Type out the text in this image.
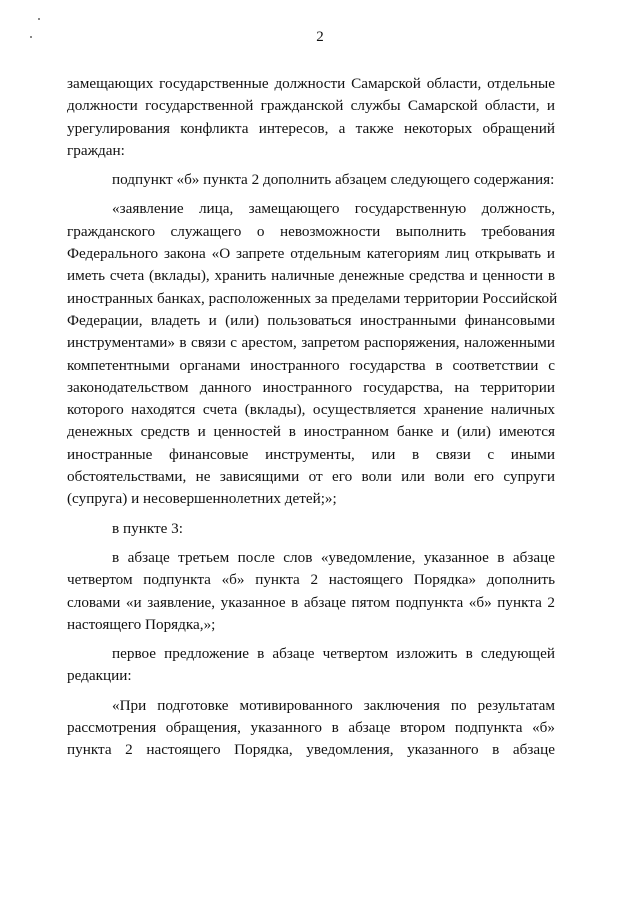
2
замещающих государственные должности Самарской области, отдельные
должности государственной гражданской службы Самарской области, и
урегулирования конфликта интересов, а также некоторых обращений
граждан:
подпункт «б» пункта 2 дополнить абзацем следующего содержания:
«заявление лица, замещающего государственную должность,
гражданского служащего о невозможности выполнить требования
Федерального закона «О запрете отдельным категориям лиц открывать и
иметь счета (вклады), хранить наличные денежные средства и ценности в
иностранных банках, расположенных за пределами территории Российской
Федерации, владеть и (или) пользоваться иностранными финансовыми
инструментами» в связи с арестом, запретом распоряжения, наложенными
компетентными органами иностранного государства в соответствии с
законодательством данного иностранного государства, на территории
которого находятся счета (вклады), осуществляется хранение наличных
денежных средств и ценностей в иностранном банке и (или) имеются
иностранные финансовые инструменты, или в связи с иными
обстоятельствами, не зависящими от его воли или воли его супруги
(супруга) и несовершеннолетних детей;»;
в пункте 3:
в абзаце третьем после слов «уведомление, указанное в абзаце
четвертом подпункта «б» пункта 2 настоящего Порядка» дополнить
словами «и заявление, указанное в абзаце пятом подпункта «б» пункта 2
настоящего Порядка,»;
первое предложение в абзаце четвертом изложить в следующей
редакции:
«При подготовке мотивированного заключения по результатам
рассмотрения обращения, указанного в абзаце втором подпункта «б»
пункта 2 настоящего Порядка, уведомления, указанного в абзаце
